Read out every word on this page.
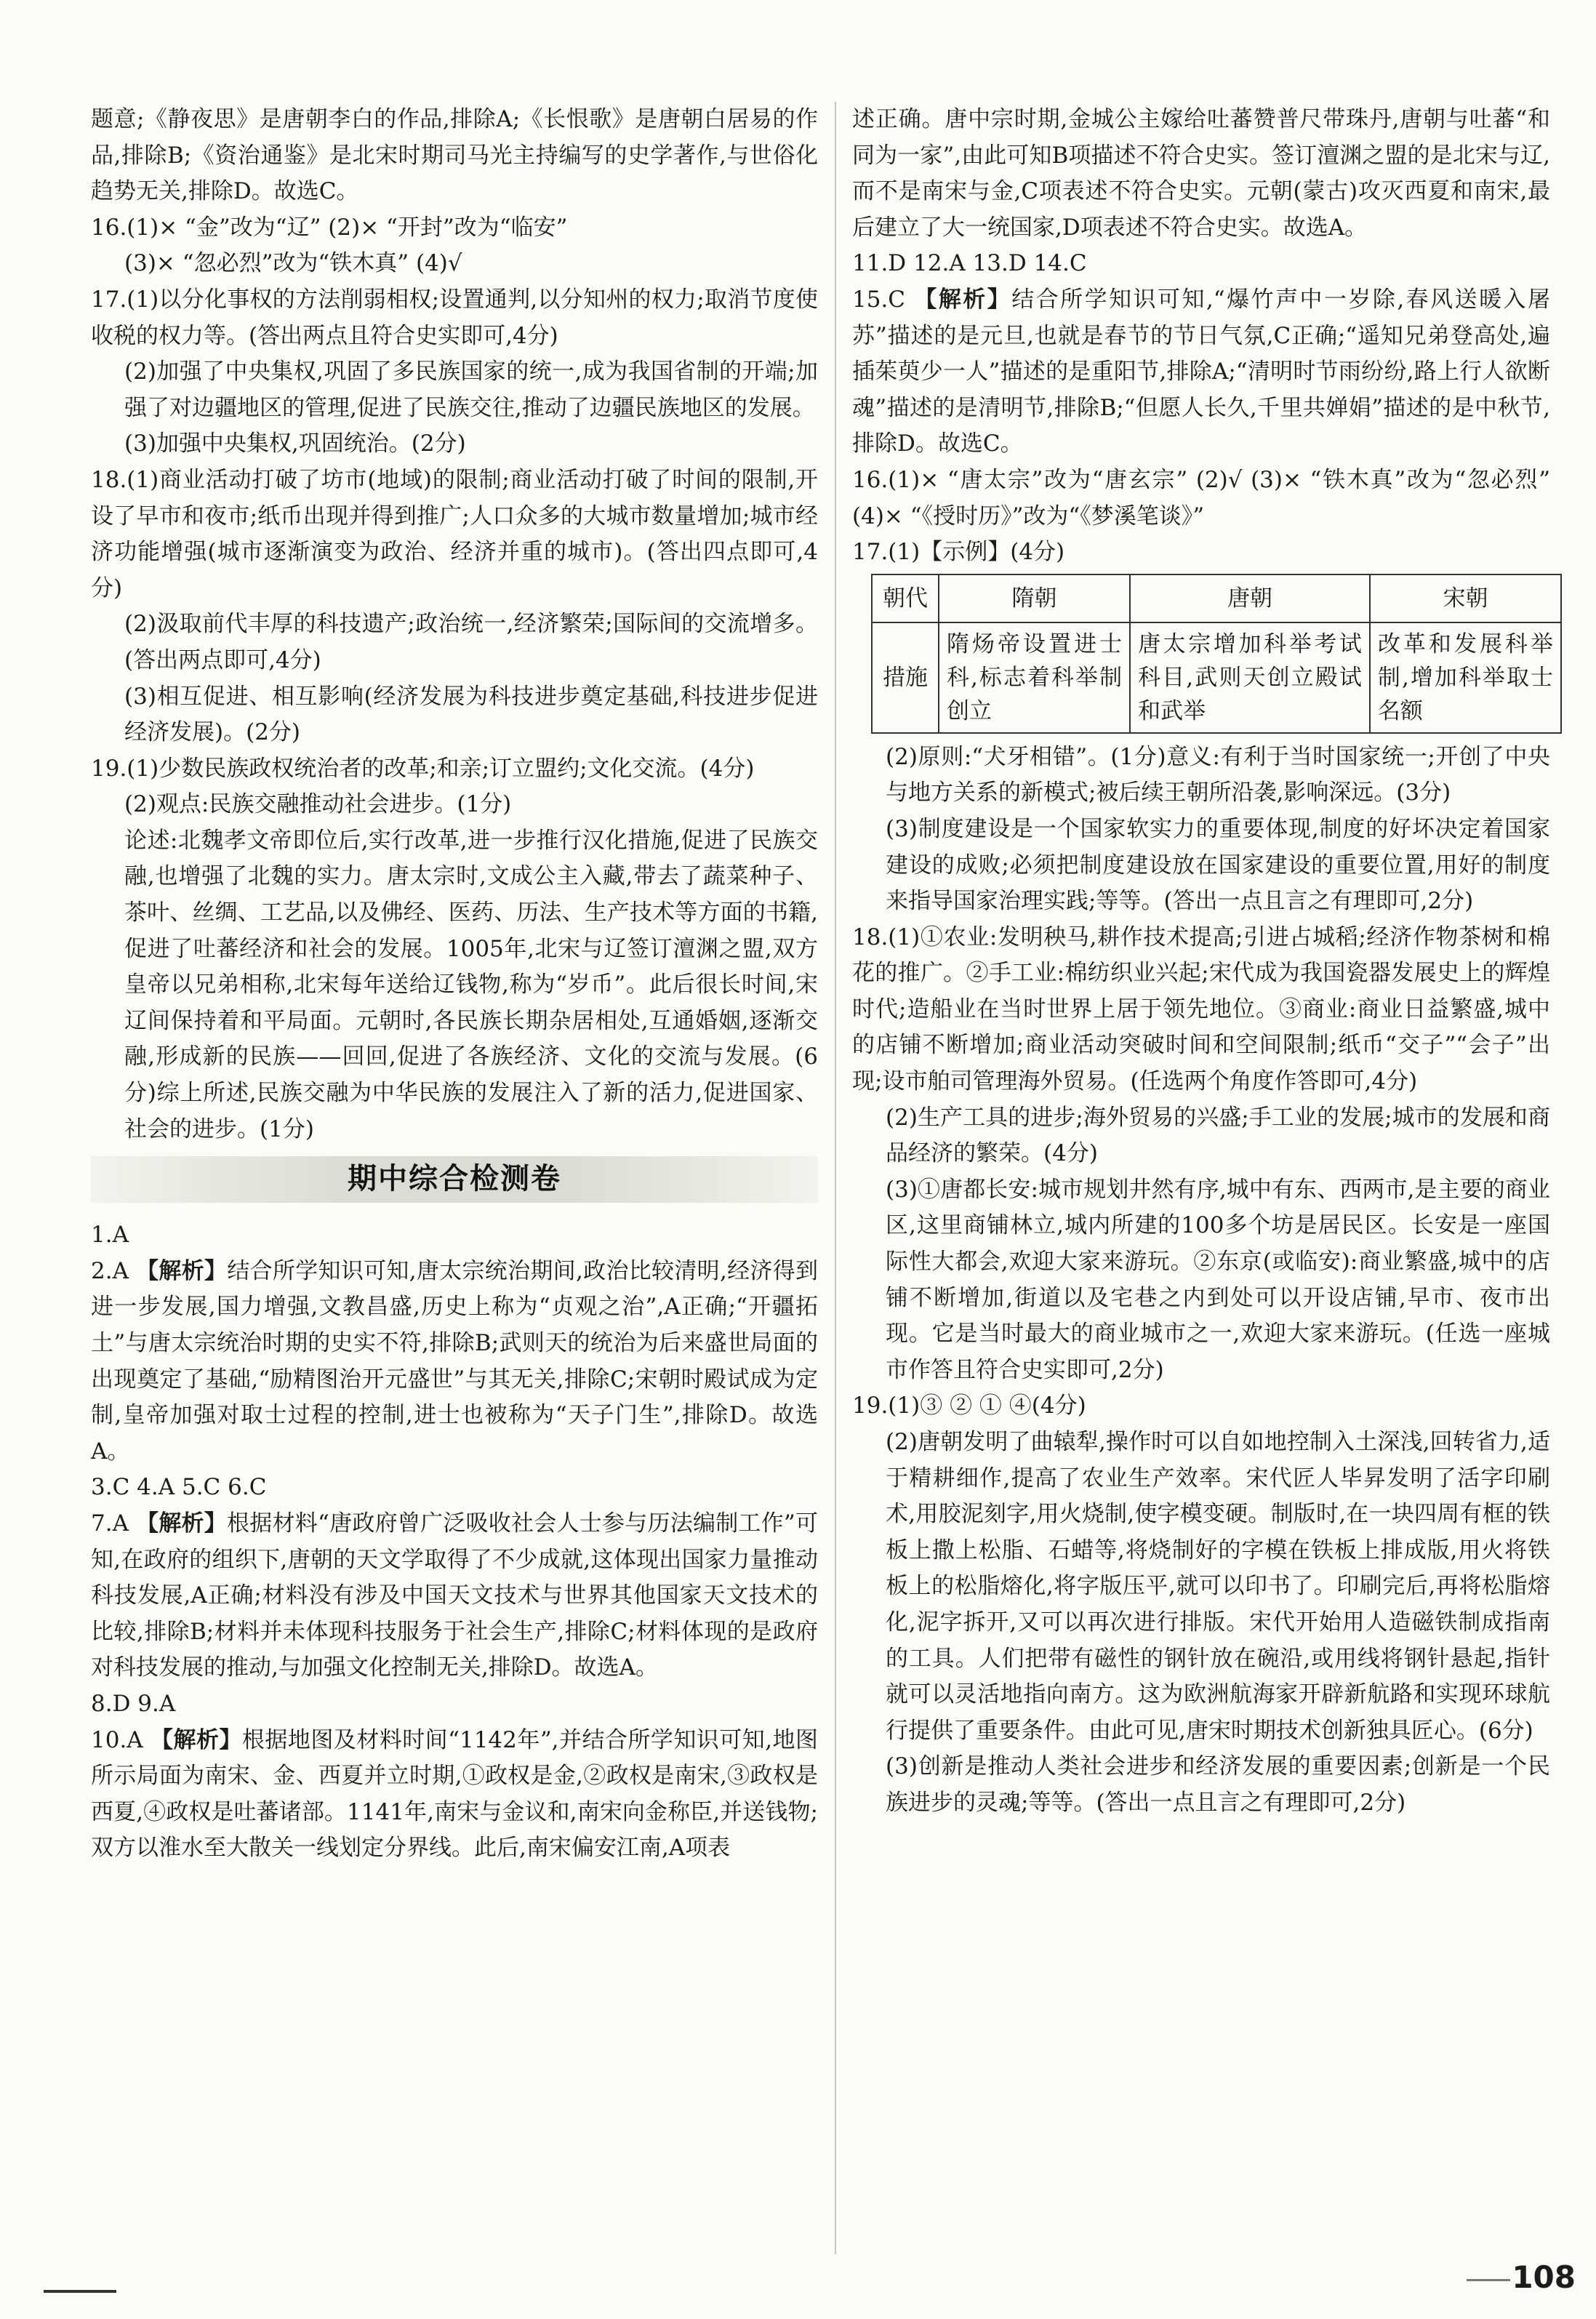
题意;《静夜思》是唐朝李白的作品,排除A;《长恨歌》是唐朝白居易的作品,排除B;《资治通鉴》是北宋时期司马光主持编写的史学著作,与世俗化趋势无关,排除D。故选C。

16.(1)× “金”改为“辽” (2)× “开封”改为“临安”

(3)× “忽必烈”改为“铁木真” (4)√

17.(1)以分化事权的方法削弱相权;设置通判,以分知州的权力;取消节度使收税的权力等。(答出两点且符合史实即可,4分)

(2)加强了中央集权,巩固了多民族国家的统一,成为我国省制的开端;加强了对边疆地区的管理,促进了民族交往,推动了边疆民族地区的发展。

(3)加强中央集权,巩固统治。(2分)

18.(1)商业活动打破了坊市(地域)的限制;商业活动打破了时间的限制,开设了早市和夜市;纸币出现并得到推广;人口众多的大城市数量增加;城市经济功能增强(城市逐渐演变为政治、经济并重的城市)。(答出四点即可,4分)

(2)汲取前代丰厚的科技遗产;政治统一,经济繁荣;国际间的交流增多。(答出两点即可,4分)

(3)相互促进、相互影响(经济发展为科技进步奠定基础,科技进步促进经济发展)。(2分)

19.(1)少数民族政权统治者的改革;和亲;订立盟约;文化交流。(4分)

(2)观点:民族交融推动社会进步。(1分)

论述:北魏孝文帝即位后,实行改革,进一步推行汉化措施,促进了民族交融,也增强了北魏的实力。唐太宗时,文成公主入藏,带去了蔬菜种子、茶叶、丝绸、工艺品,以及佛经、医药、历法、生产技术等方面的书籍,促进了吐蕃经济和社会的发展。1005年,北宋与辽签订澶渊之盟,双方皇帝以兄弟相称,北宋每年送给辽钱物,称为“岁币”。此后很长时间,宋辽间保持着和平局面。元朝时,各民族长期杂居相处,互通婚姻,逐渐交融,形成新的民族——回回,促进了各族经济、文化的交流与发展。(6分)综上所述,民族交融为中华民族的发展注入了新的活力,促进国家、社会的进步。(1分)

期中综合检测卷

1.A

2.A 【解析】结合所学知识可知,唐太宗统治期间,政治比较清明,经济得到进一步发展,国力增强,文教昌盛,历史上称为“贞观之治”,A正确;“开疆拓土”与唐太宗统治时期的史实不符,排除B;武则天的统治为后来盛世局面的出现奠定了基础,“励精图治开元盛世”与其无关,排除C;宋朝时殿试成为定制,皇帝加强对取士过程的控制,进士也被称为“天子门生”,排除D。故选A。

3.C 4.A 5.C 6.C

7.A 【解析】根据材料“唐政府曾广泛吸收社会人士参与历法编制工作”可知,在政府的组织下,唐朝的天文学取得了不少成就,这体现出国家力量推动科技发展,A正确;材料没有涉及中国天文技术与世界其他国家天文技术的比较,排除B;材料并未体现科技服务于社会生产,排除C;材料体现的是政府对科技发展的推动,与加强文化控制无关,排除D。故选A。

8.D 9.A

10.A 【解析】根据地图及材料时间“1142年”,并结合所学知识可知,地图所示局面为南宋、金、西夏并立时期,①政权是金,②政权是南宋,③政权是西夏,④政权是吐蕃诸部。1141年,南宋与金议和,南宋向金称臣,并送钱物;双方以淮水至大散关一线划定分界线。此后,南宋偏安江南,A项表

述正确。唐中宗时期,金城公主嫁给吐蕃赞普尺带珠丹,唐朝与吐蕃“和同为一家”,由此可知B项描述不符合史实。签订澶渊之盟的是北宋与辽,而不是南宋与金,C项表述不符合史实。元朝(蒙古)攻灭西夏和南宋,最后建立了大一统国家,D项表述不符合史实。故选A。

11.D 12.A 13.D 14.C

15.C 【解析】结合所学知识可知,“爆竹声中一岁除,春风送暖入屠苏”描述的是元旦,也就是春节的节日气氛,C正确;“遥知兄弟登高处,遍插茱萸少一人”描述的是重阳节,排除A;“清明时节雨纷纷,路上行人欲断魂”描述的是清明节,排除B;“但愿人长久,千里共婵娟”描述的是中秋节,排除D。故选C。

16.(1)× “唐太宗”改为“唐玄宗” (2)√ (3)× “铁木真”改为“忽必烈” (4)× “《授时历》”改为“《梦溪笔谈》”

17.(1)【示例】(4分)

朝代	隋朝	唐朝	宋朝
措施	隋炀帝设置进士科,标志着科举制创立	唐太宗增加科举考试科目,武则天创立殿试和武举	改革和发展科举制,增加科举取士名额

(2)原则:“犬牙相错”。(1分)意义:有利于当时国家统一;开创了中央与地方关系的新模式;被后续王朝所沿袭,影响深远。(3分)

(3)制度建设是一个国家软实力的重要体现,制度的好坏决定着国家建设的成败;必须把制度建设放在国家建设的重要位置,用好的制度来指导国家治理实践;等等。(答出一点且言之有理即可,2分)

18.(1)①农业:发明秧马,耕作技术提高;引进占城稻;经济作物茶树和棉花的推广。②手工业:棉纺织业兴起;宋代成为我国瓷器发展史上的辉煌时代;造船业在当时世界上居于领先地位。③商业:商业日益繁盛,城中的店铺不断增加;商业活动突破时间和空间限制;纸币“交子”“会子”出现;设市舶司管理海外贸易。(任选两个角度作答即可,4分)

(2)生产工具的进步;海外贸易的兴盛;手工业的发展;城市的发展和商品经济的繁荣。(4分)

(3)①唐都长安:城市规划井然有序,城中有东、西两市,是主要的商业区,这里商铺林立,城内所建的100多个坊是居民区。长安是一座国际性大都会,欢迎大家来游玩。②东京(或临安):商业繁盛,城中的店铺不断增加,街道以及宅巷之内到处可以开设店铺,早市、夜市出现。它是当时最大的商业城市之一,欢迎大家来游玩。(任选一座城市作答且符合史实即可,2分)

19.(1)③ ② ① ④(4分)

(2)唐朝发明了曲辕犁,操作时可以自如地控制入土深浅,回转省力,适于精耕细作,提高了农业生产效率。宋代匠人毕昇发明了活字印刷术,用胶泥刻字,用火烧制,使字模变硬。制版时,在一块四周有框的铁板上撒上松脂、石蜡等,将烧制好的字模在铁板上排成版,用火将铁板上的松脂熔化,将字版压平,就可以印书了。印刷完后,再将松脂熔化,泥字拆开,又可以再次进行排版。宋代开始用人造磁铁制成指南的工具。人们把带有磁性的钢针放在碗沿,或用线将钢针悬起,指针就可以灵活地指向南方。这为欧洲航海家开辟新航路和实现环球航行提供了重要条件。由此可见,唐宋时期技术创新独具匠心。(6分)

(3)创新是推动人类社会进步和经济发展的重要因素;创新是一个民族进步的灵魂;等等。(答出一点且言之有理即可,2分)

108
